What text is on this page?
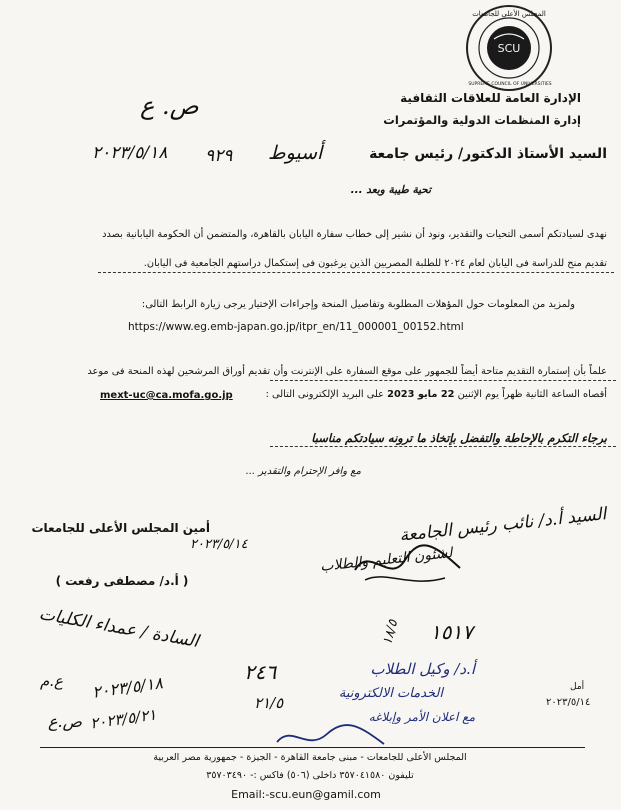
SCU
المجلس الأعلى للجامعات
SUPREME COUNCIL OF UNIVERSITIES
الإدارة العامة للعلاقات الثقافية
إدارة المنظمات الدولية والمؤتمرات
ص. ع
٩٢٩
٢٠٢٣/٥/١٨	السيد الأستاذ الدكتور/ رئيس جامعة
أسيوط
تحية طيبة وبعد ...
نهدى لسيادتكم أسمى التحيات والتقدير، ونود أن نشير إلى خطاب سفارة اليابان بالقاهرة، والمتضمن أن الحكومة اليابانية بصدد
تقديم منح للدراسة فى اليابان لعام ٢٠٢٤ للطلبة المصريين الذين يرغبون فى إستكمال دراستهم الجامعية فى اليابان.
ولمزيد من المعلومات حول المؤهلات المطلوبة وتفاصيل المنحة وإجراءات الإختيار يرجى زيارة الرابط التالى:
https://www.eg.emb-japan.go.jp/itpr_en/11_000001_00152.html
علماً بأن إستمارة التقديم متاحة أيضاً للجمهور على موقع السفارة على الإنترنت وأن تقديم أوراق المرشحين لهذه المنحة فى موعد
أقصاه الساعة الثانية ظهراً يوم الإثنين 22 مايو 2023 على البريد الإلكترونى التالى :
mext-uc@ca.mofa.go.jp
برجاء التكرم بالإحاطة والتفضل بإتخاذ ما ترونه سيادتكم مناسبا
مع وافر الإحترام والتقدير ...
أمين المجلس الأعلى للجامعات
( أ.د/ مصطفى رفعت )
٢٠٢٣/٥/١٤	السيد أ.د/ نائب رئيس الجامعة
لشئون التعليم والطلاب
١٥١٧
١٨/٥
أ.د/ وكيل الطلاب
الخدمات الالكترونية
مع اعلان الأمر وإبلاغه
السادة / عمداء الكليات
ع.م ٢٠٢٣/٥/١٨
ص.ع ٢٠٢٣/٥/٢١
٢٤٦
٢١/٥
أمل
٢٠٢٣/٥/١٤
المجلس الأعلى للجامعات - مبنى جامعة القاهرة - الجيزة - جمهورية مصر العربية
تليفون ٣٥٧٠٤١٥٨٠ داخلى (٥٠٦) فاكس :- ٣٥٧٠٣٤٩٠
Email:-scu.eun@gamil.com
